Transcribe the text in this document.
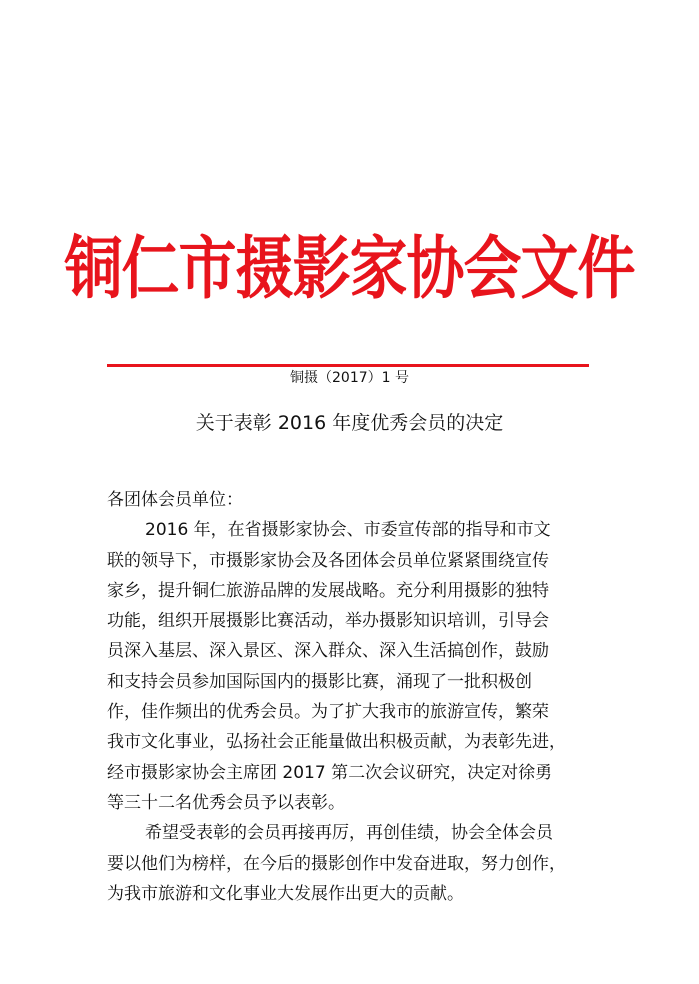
铜仁市摄影家协会文件
铜摄（2017）1 号
关于表彰 2016 年度优秀会员的决定

各团体会员单位：

2016 年，在省摄影家协会、市委宣传部的指导和市文

联的领导下，市摄影家协会及各团体会员单位紧紧围绕宣传

家乡，提升铜仁旅游品牌的发展战略。充分利用摄影的独特

功能，组织开展摄影比赛活动，举办摄影知识培训，引导会

员深入基层、深入景区、深入群众、深入生活搞创作，鼓励

和支持会员参加国际国内的摄影比赛，涌现了一批积极创

作，佳作频出的优秀会员。为了扩大我市的旅游宣传，繁荣

我市文化事业，弘扬社会正能量做出积极贡献，为表彰先进，

经市摄影家协会主席团 2017 第二次会议研究，决定对徐勇

等三十二名优秀会员予以表彰。

希望受表彰的会员再接再厉，再创佳绩，协会全体会员

要以他们为榜样，在今后的摄影创作中发奋进取，努力创作，

为我市旅游和文化事业大发展作出更大的贡献。
